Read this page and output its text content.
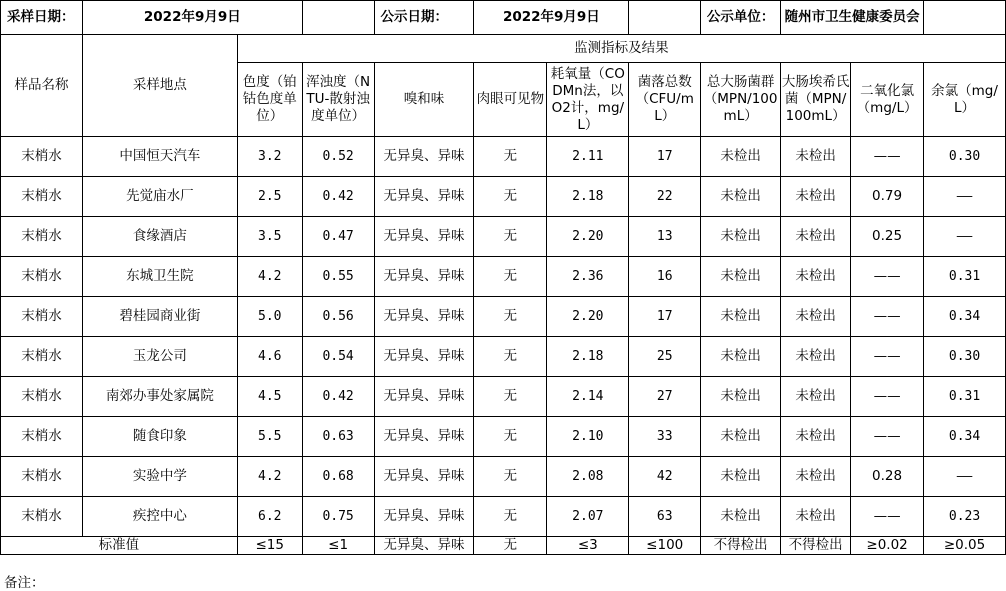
采样日期：	2022年9月9日			公示日期：	2022年9月9日			公示单位：	随州市卫生健康委员会		
样品名称	采样地点	监测指标及结果									
		色度（铂钴色度单位）	浑浊度（NTU-散射浊度单位）	嗅和味	肉眼可见物	耗氧量（CODMn法，以O2计，mg/L）	菌落总数（CFU/mL）	总大肠菌群（MPN/100mL）	大肠埃希氏菌（MPN/100mL）	二氧化氯（mg/L）	余氯（mg/L）
末梢水	中国恒天汽车	3.2	0.52	无异臭、异味	无	2.11	17	未检出	未检出	——	0.30
末梢水	先觉庙水厂	2.5	0.42	无异臭、异味	无	2.18	22	未检出	未检出	0.79	——
末梢水	食缘酒店	3.5	0.47	无异臭、异味	无	2.20	13	未检出	未检出	0.25	——
末梢水	东城卫生院	4.2	0.55	无异臭、异味	无	2.36	16	未检出	未检出	——	0.31
末梢水	碧桂园商业街	5.0	0.56	无异臭、异味	无	2.20	17	未检出	未检出	——	0.34
末梢水	玉龙公司	4.6	0.54	无异臭、异味	无	2.18	25	未检出	未检出	——	0.30
末梢水	南郊办事处家属院	4.5	0.42	无异臭、异味	无	2.14	27	未检出	未检出	——	0.31
末梢水	随食印象	5.5	0.63	无异臭、异味	无	2.10	33	未检出	未检出	——	0.34
末梢水	实验中学	4.2	0.68	无异臭、异味	无	2.08	42	未检出	未检出	0.28	——
末梢水	疾控中心	6.2	0.75	无异臭、异味	无	2.07	63	未检出	未检出	——	0.23
标准值		≤15	≤1	无异臭、异味	无	≤3	≤100	不得检出	不得检出	≥0.02	≥0.05
备注：
